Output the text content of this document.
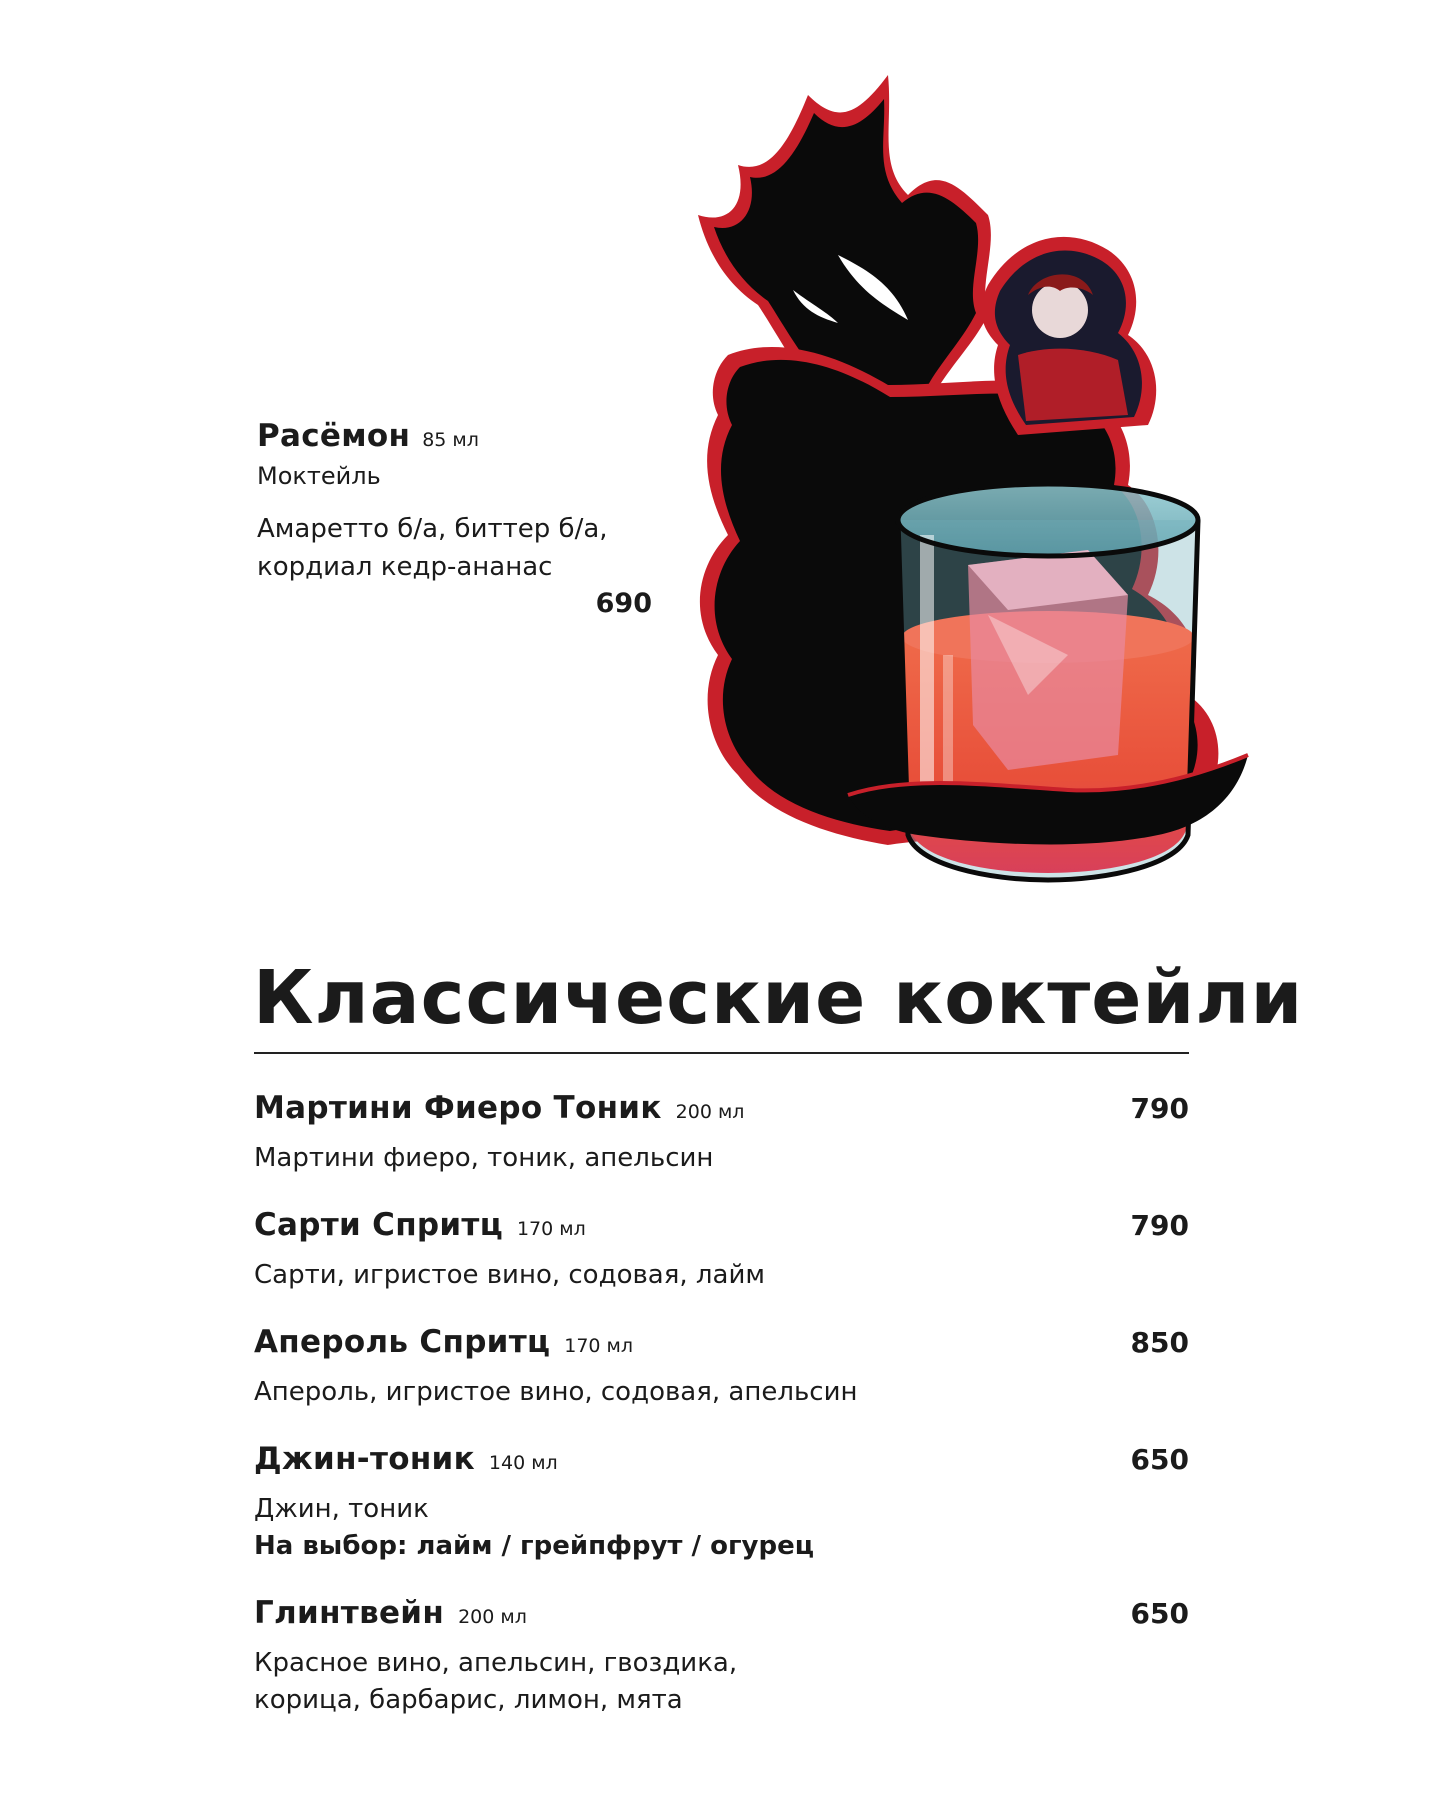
Расёмон 85 мл
Моктейль
Амаретто б/а, биттер б/а,
кордиал кедр-ананас
690
Классические коктейли
Мартини Фиеро Тоник 200 мл	790
Мартини фиеро, тоник, апельсин
Сарти Спритц 170 мл	790
Сарти, игристое вино, содовая, лайм
Апероль Спритц 170 мл	850
Апероль, игристое вино, содовая, апельсин
Джин-тоник 140 мл	650
Джин, тоник
На выбор: лайм / грейпфрут / огурец
Глинтвейн 200 мл	650
Красное вино, апельсин, гвоздика,
корица, барбарис, лимон, мята
